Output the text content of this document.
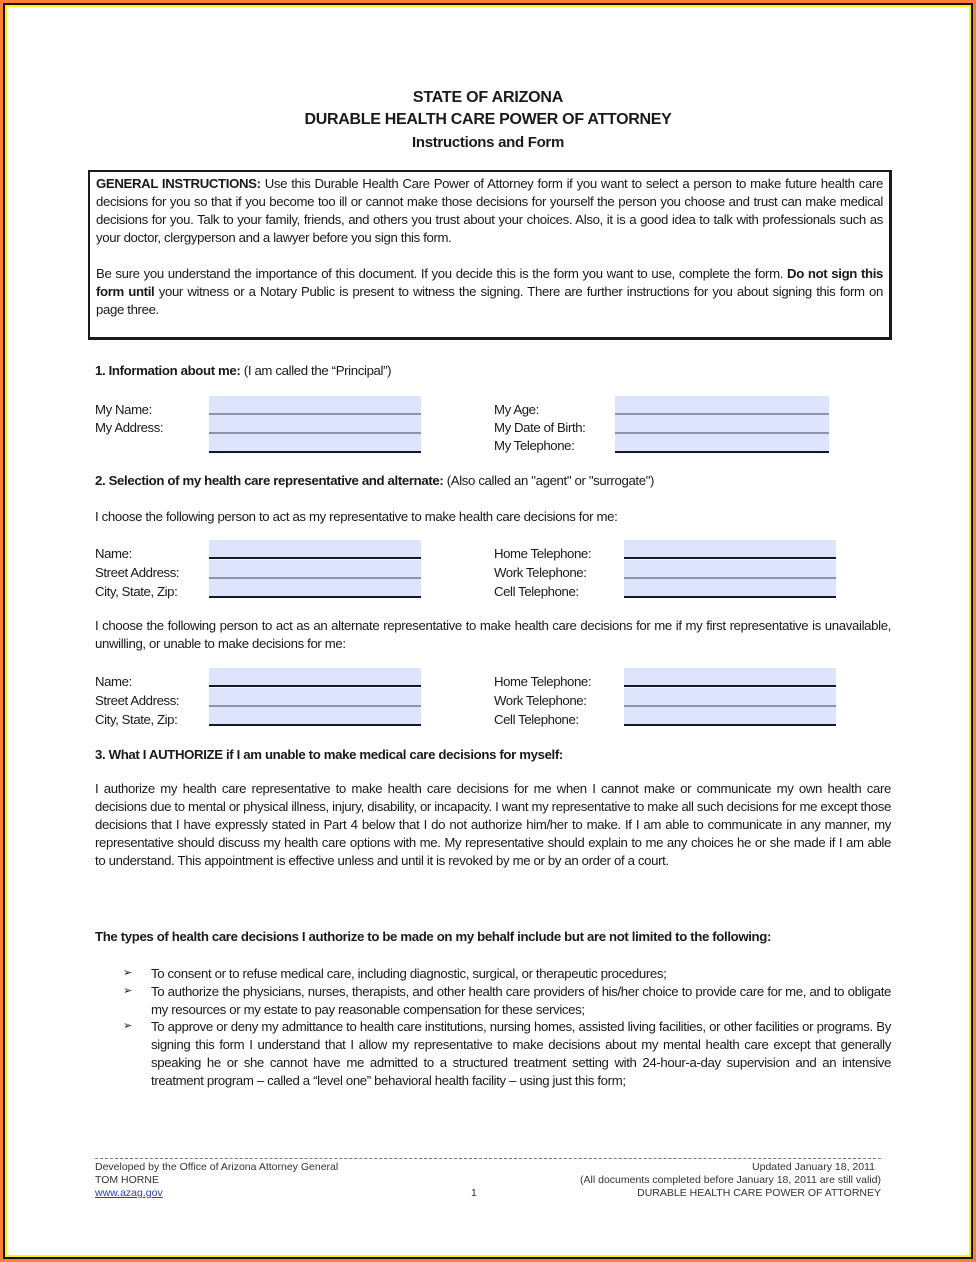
STATE OF ARIZONA
DURABLE HEALTH CARE POWER OF ATTORNEY
Instructions and Form

GENERAL INSTRUCTIONS: Use this Durable Health Care Power of Attorney form if you want to select a person to make future health care decisions for you so that if you become too ill or cannot make those decisions for yourself the person you choose and trust can make medical decisions for you. Talk to your family, friends, and others you trust about your choices. Also, it is a good idea to talk with professionals such as your doctor, clergyperson and a lawyer before you sign this form.

Be sure you understand the importance of this document. If you decide this is the form you want to use, complete the form. Do not sign this form until your witness or a Notary Public is present to witness the signing. There are further instructions for you about signing this form on page three.

1. Information about me: (I am called the “Principal”)
My Name:
My Address:
My Age:
My Date of Birth:
My Telephone:
2. Selection of my health care representative and alternate: (Also called an "agent" or "surrogate")
I choose the following person to act as my representative to make health care decisions for me:
Name:
Street Address:
City, State, Zip:
Home Telephone:
Work Telephone:
Cell Telephone:
I choose the following person to act as an alternate representative to make health care decisions for me if my first representative is unavailable, unwilling, or unable to make decisions for me:
Name:
Street Address:
City, State, Zip:
Home Telephone:
Work Telephone:
Cell Telephone:
3. What I AUTHORIZE if I am unable to make medical care decisions for myself:
I authorize my health care representative to make health care decisions for me when I cannot make or communicate my own health care decisions due to mental or physical illness, injury, disability, or incapacity. I want my representative to make all such decisions for me except those decisions that I have expressly stated in Part 4 below that I do not authorize him/her to make. If I am able to communicate in any manner, my representative should discuss my health care options with me. My representative should explain to me any choices he or she made if I am able to understand. This appointment is effective unless and until it is revoked by me or by an order of a court.
The types of health care decisions I authorize to be made on my behalf include but are not limited to the following:
➢ To consent or to refuse medical care, including diagnostic, surgical, or therapeutic procedures;
➢ To authorize the physicians, nurses, therapists, and other health care providers of his/her choice to provide care for me, and to obligate my resources or my estate to pay reasonable compensation for these services;
➢ To approve or deny my admittance to health care institutions, nursing homes, assisted living facilities, or other facilities or programs. By signing this form I understand that I allow my representative to make decisions about my mental health care except that generally speaking he or she cannot have me admitted to a structured treatment setting with 24-hour-a-day supervision and an intensive treatment program – called a “level one” behavioral health facility – using just this form;
Developed by the Office of Arizona Attorney General
TOM HORNE
www.azag.gov	1
Updated January 18, 2011
(All documents completed before January 18, 2011 are still valid)
DURABLE HEALTH CARE POWER OF ATTORNEY
